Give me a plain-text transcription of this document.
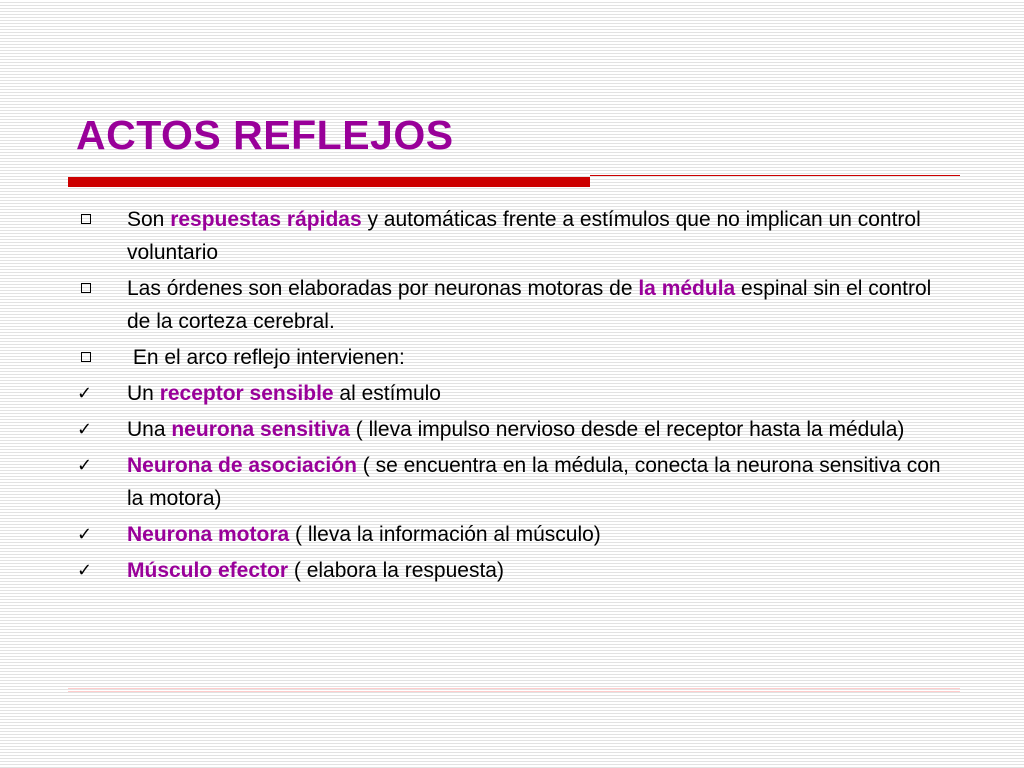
ACTOS REFLEJOS
Son respuestas rápidas y automáticas frente a estímulos que no implican un control voluntario
Las órdenes son elaboradas por neuronas motoras de la médula espinal sin el control de la corteza cerebral.
En el arco reflejo intervienen:
✓ Un receptor sensible al estímulo
✓ Una neurona sensitiva ( lleva impulso nervioso desde el receptor hasta la médula)
✓ Neurona de asociación ( se encuentra en la médula, conecta la neurona sensitiva con la motora)
✓ Neurona motora ( lleva la información al músculo)
✓ Músculo efector ( elabora la respuesta)
